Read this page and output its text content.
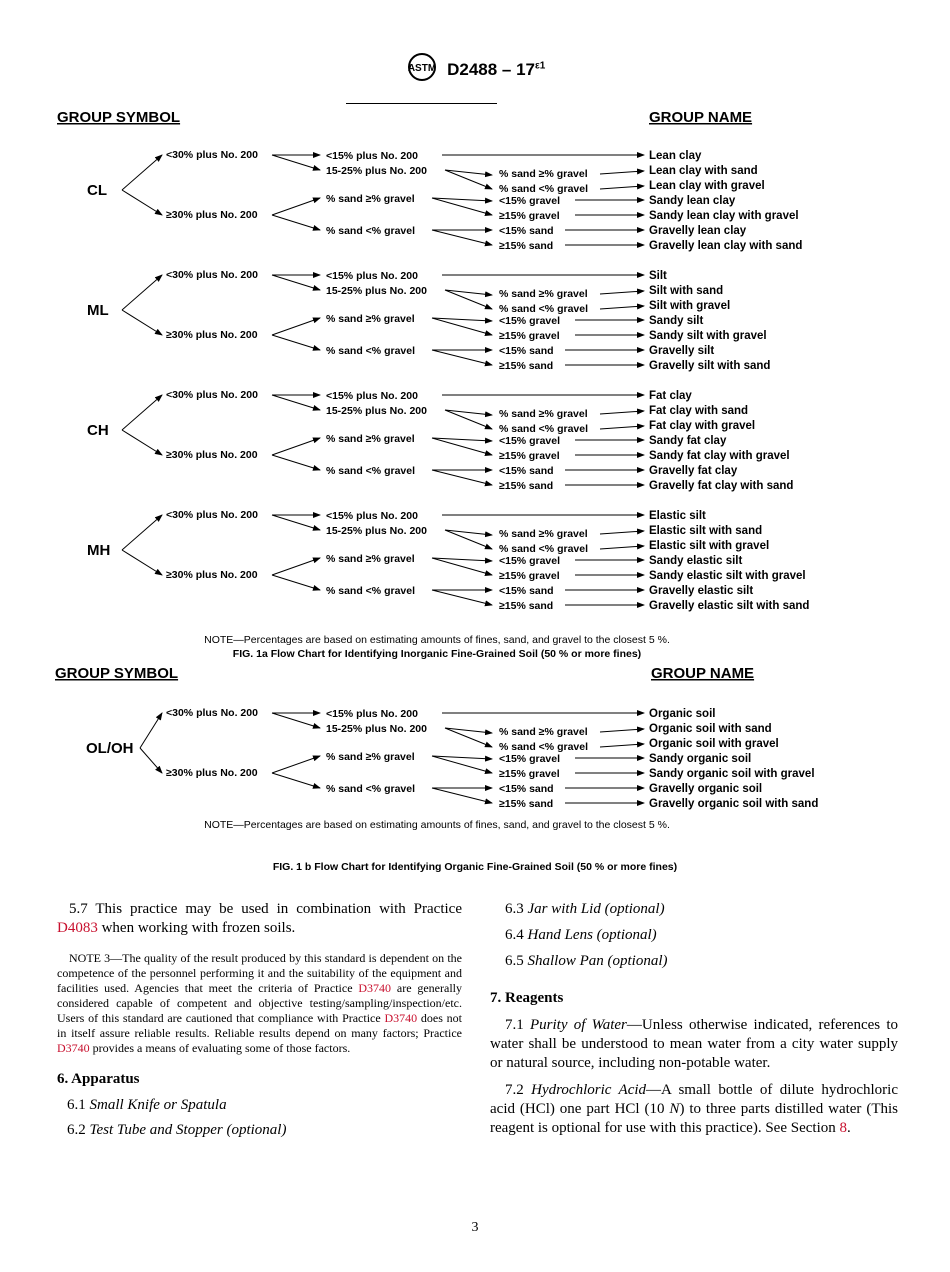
ASTM $D2488 - 17^{\varepsilon 1}$
GROUP SYMBOL	GROUP NAME
CL
<30% plus No. 200
≥30% plus No. 200
<15% plus No. 200
15-25% plus No. 200
% sand ≥% gravel
% sand <% gravel
% sand ≥% gravel
% sand <% gravel
<15% gravel
≥15% gravel
<15% sand
≥15% sand
Lean clay
Lean clay with sand
Lean clay with gravel
Sandy lean clay
Sandy lean clay with gravel
Gravelly lean clay
Gravelly lean clay with sand
ML
<30% plus No. 200
≥30% plus No. 200
<15% plus No. 200
15-25% plus No. 200
% sand ≥% gravel
% sand <% gravel
% sand ≥% gravel
% sand <% gravel
<15% gravel
≥15% gravel
<15% sand
≥15% sand
Silt
Silt with sand
Silt with gravel
Sandy silt
Sandy silt with gravel
Gravelly silt
Gravelly silt with sand
CH
<30% plus No. 200
≥30% plus No. 200
<15% plus No. 200
15-25% plus No. 200
% sand ≥% gravel
% sand <% gravel
% sand ≥% gravel
% sand <% gravel
<15% gravel
≥15% gravel
<15% sand
≥15% sand
Fat clay
Fat clay with sand
Fat clay with gravel
Sandy fat clay
Sandy fat clay with gravel
Gravelly fat clay
Gravelly fat clay with sand
MH
<30% plus No. 200
≥30% plus No. 200
<15% plus No. 200
15-25% plus No. 200
% sand ≥% gravel
% sand <% gravel
% sand ≥% gravel
% sand <% gravel
<15% gravel
≥15% gravel
<15% sand
≥15% sand
Elastic silt
Elastic silt with sand
Elastic silt with gravel
Sandy elastic silt
Sandy elastic silt with gravel
Gravelly elastic silt
Gravelly elastic silt with sand
NOTE—Percentages are based on estimating amounts of fines, sand, and gravel to the closest 5 %.
FIG. 1a Flow Chart for Identifying Inorganic Fine-Grained Soil (50 % or more fines)
GROUP SYMBOL	GROUP NAME
OL/OH
<30% plus No. 200
≥30% plus No. 200
<15% plus No. 200
15-25% plus No. 200
% sand ≥% gravel
% sand <% gravel
% sand ≥% gravel
% sand <% gravel
<15% gravel
≥15% gravel
<15% sand
≥15% sand
Organic soil
Organic soil with sand
Organic soil with gravel
Sandy organic soil
Sandy organic soil with gravel
Gravelly organic soil
Gravelly organic soil with sand
NOTE—Percentages are based on estimating amounts of fines, sand, and gravel to the closest 5 %.
FIG. 1 b Flow Chart for Identifying Organic Fine-Grained Soil (50 % or more fines)

5.7 This practice may be used in combination with Practice D4083 when working with frozen soils.

NOTE 3—The quality of the result produced by this standard is dependent on the competence of the personnel performing it and the suitability of the equipment and facilities used. Agencies that meet the criteria of Practice D3740 are generally considered capable of competent and objective testing/sampling/inspection/etc. Users of this standard are cautioned that compliance with Practice D3740 does not in itself assure reliable results. Reliable results depend on many factors; Practice D3740 provides a means of evaluating some of those factors.

6. Apparatus

6.1 Small Knife or Spatula

6.2 Test Tube and Stopper (optional)

6.3 Jar with Lid (optional)

6.4 Hand Lens (optional)

6.5 Shallow Pan (optional)

7. Reagents

7.1 Purity of Water—Unless otherwise indicated, references to water shall be understood to mean water from a city water supply or natural source, including non-potable water.

7.2 Hydrochloric Acid—A small bottle of dilute hydrochloric acid (HCl) one part HCl (10 N) to three parts distilled water (This reagent is optional for use with this practice). See Section 8.

3
